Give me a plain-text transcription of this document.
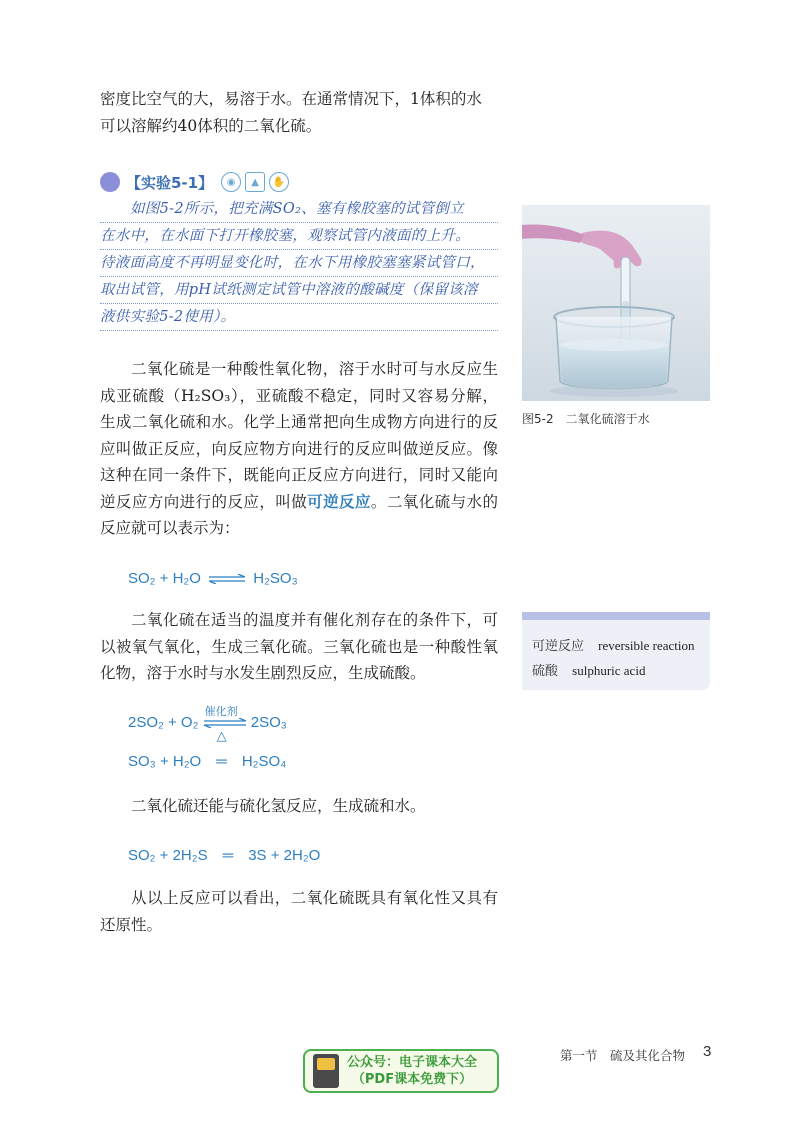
密度比空气的大，易溶于水。在通常情况下，1体积的水
可以溶解约40体积的二氧化硫。
【实验5-1】	◉	▲	✋
如图5-2所示，把充满SO₂、塞有橡胶塞的试管倒立
在水中，在水面下打开橡胶塞，观察试管内液面的上升。
待液面高度不再明显变化时，在水下用橡胶塞塞紧试管口，
取出试管，用pH试纸测定试管中溶液的酸碱度（保留该溶
液供实验5-2使用）。
图5-2　二氧化硫溶于水

二氧化硫是一种酸性氧化物，溶于水时可与水反应生成亚硫酸（H₂SO₃），亚硫酸不稳定，同时又容易分解，生成二氧化硫和水。化学上通常把向生成物方向进行的反应叫做正反应，向反应物方向进行的反应叫做逆反应。像这种在同一条件下，既能向正反应方向进行，同时又能向逆反应方向进行的反应，叫做可逆反应。二氧化硫与水的反应就可以表示为：

SO₂ + H₂O ⇌ H₂SO₃

二氧化硫在适当的温度并有催化剂存在的条件下，可以被氧气氧化，生成三氧化硫。三氧化硫也是一种酸性氧化物，溶于水时与水发生剧烈反应，生成硫酸。

2SO₂ + O₂
催化剂
△
2SO₃
SO₃ + H₂O　═　H₂SO₄

二氧化硫还能与硫化氢反应，生成硫和水。

SO₂ + 2H₂S　═　3S + 2H₂O

从以上反应可以看出，二氧化硫既具有氧化性又具有还原性。

可逆反应 reversible reaction
硫酸 sulphuric acid
公众号：电子课本大全
（PDF课本免费下）
第一节　硫及其化合物 3
